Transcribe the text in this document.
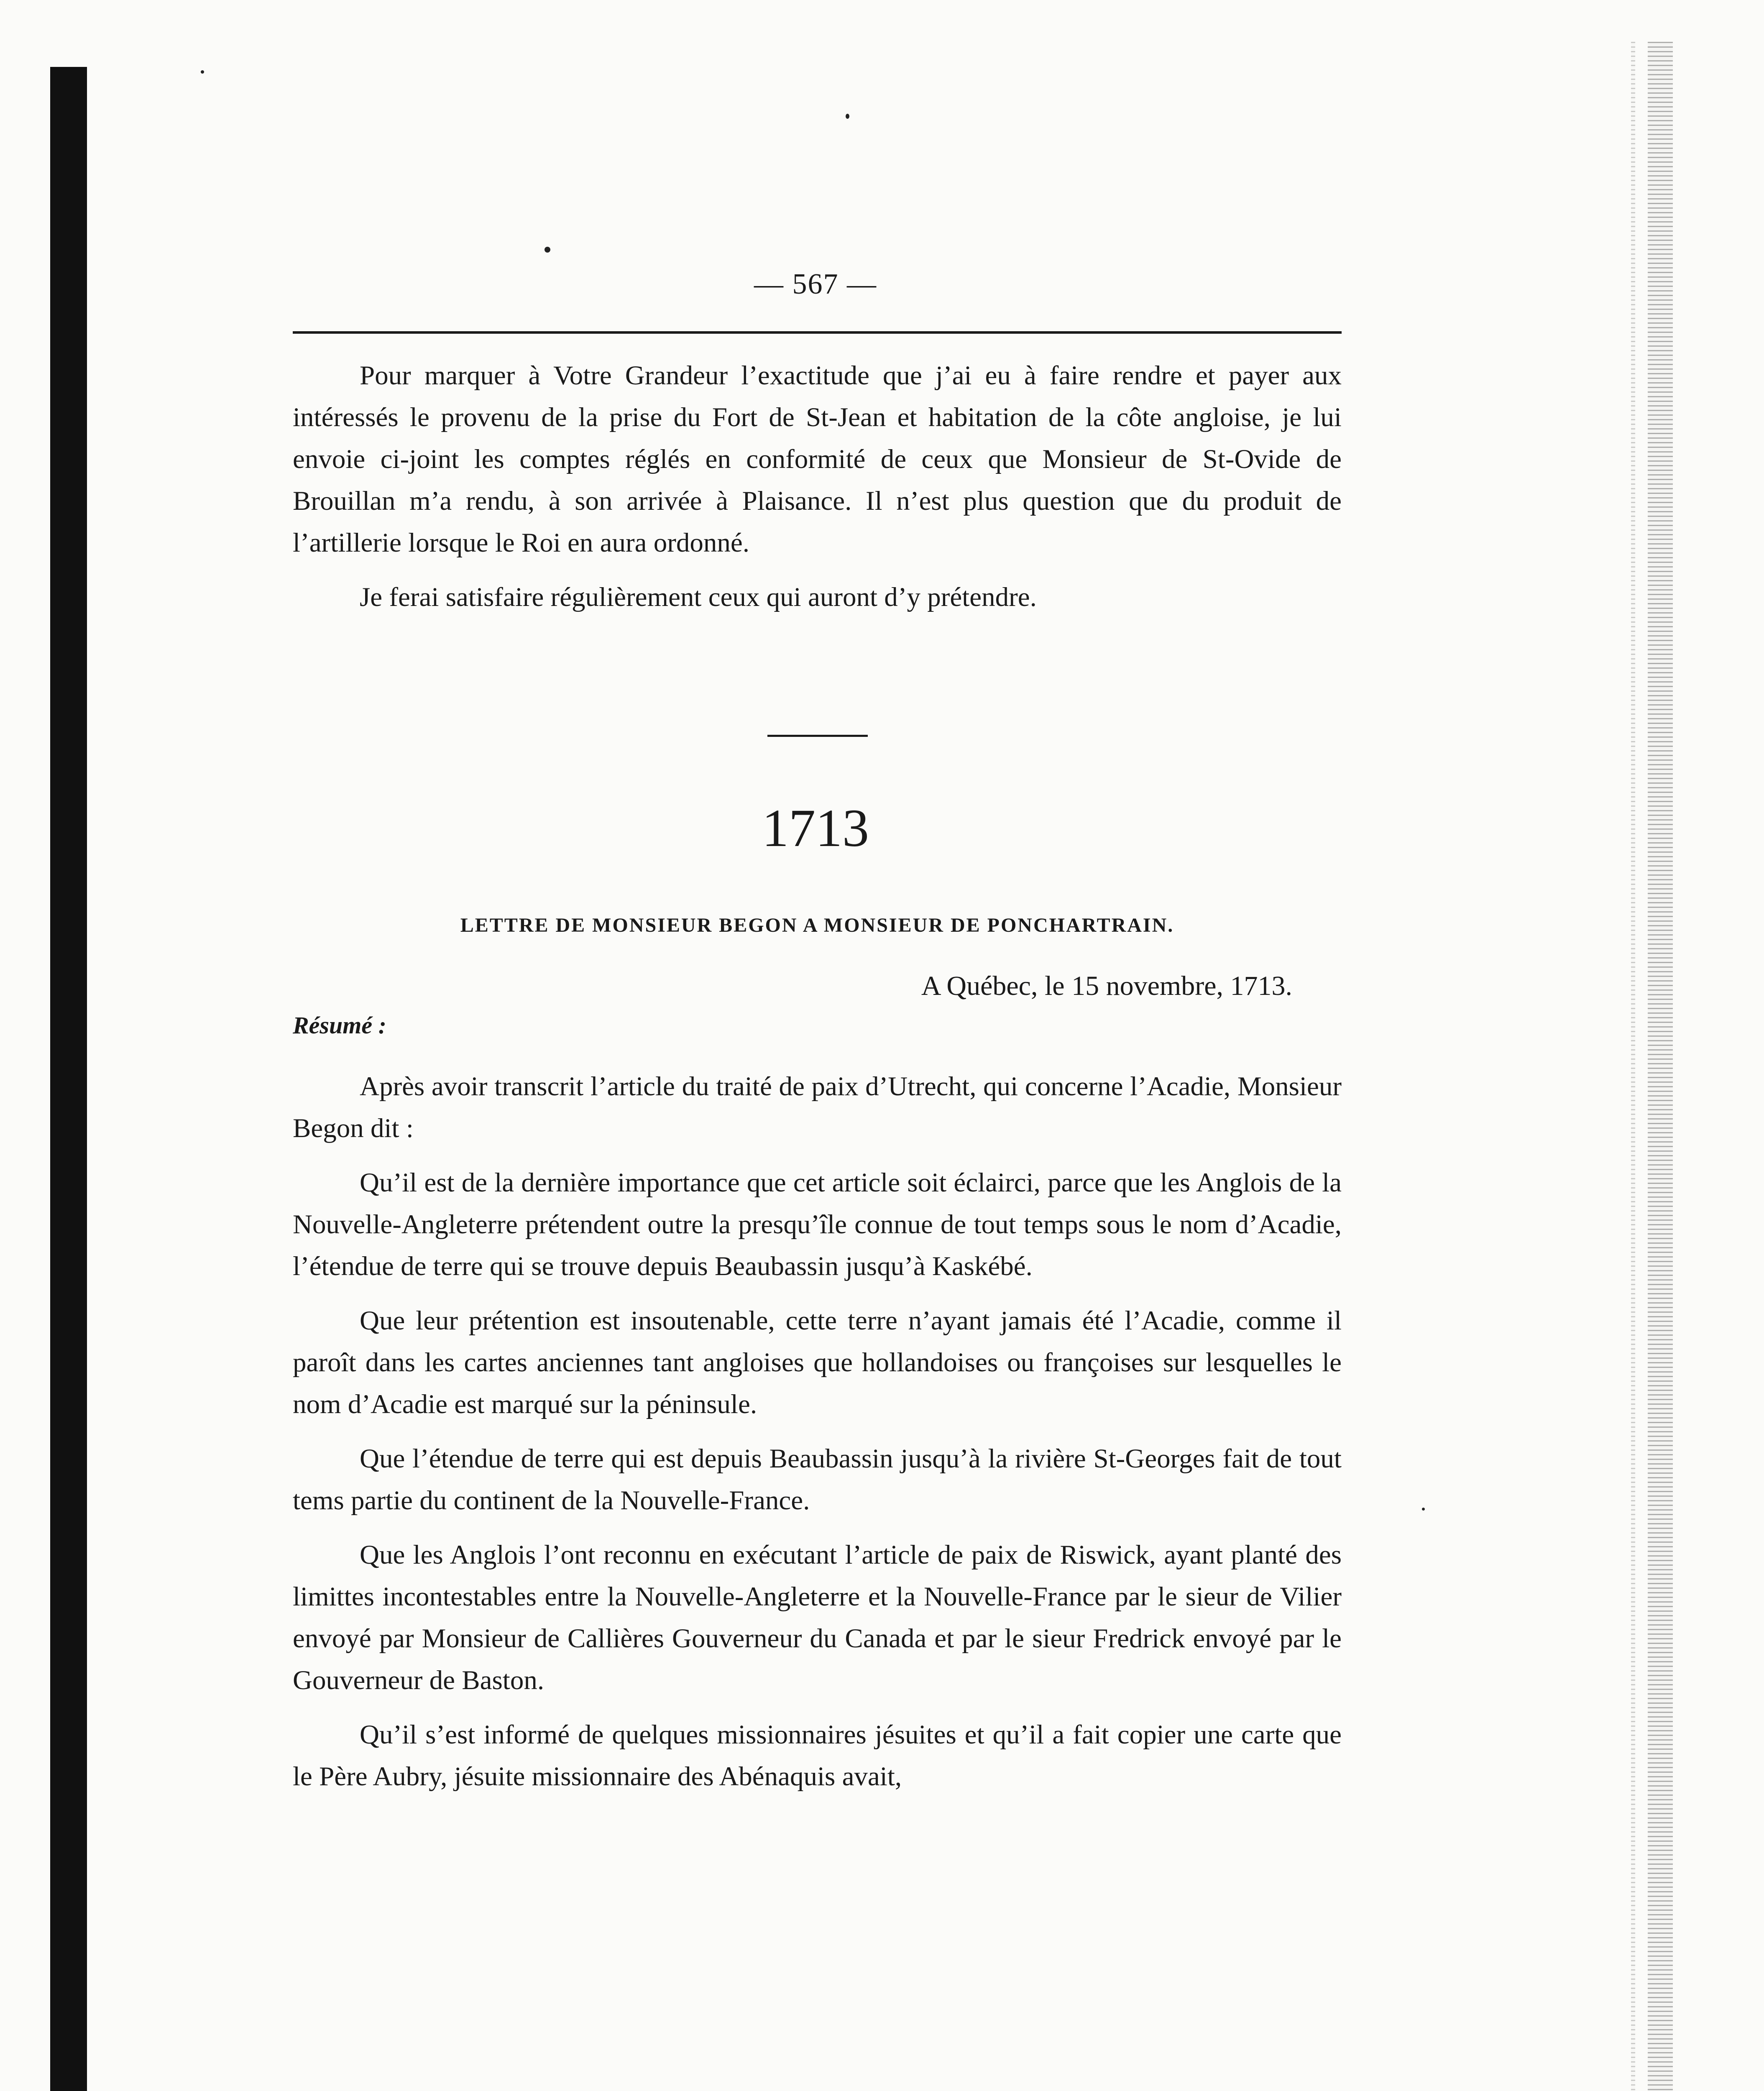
— 567 —

Pour marquer à Votre Grandeur l’exactitude que j’ai eu à faire rendre et payer aux intéressés le provenu de la prise du Fort de St-Jean et habitation de la côte angloise, je lui envoie ci-joint les comptes réglés en conformité de ceux que Monsieur de St-Ovide de Brouillan m’a rendu, à son arrivée à Plaisance. Il n’est plus question que du produit de l’artillerie lorsque le Roi en aura ordonné.

Je ferai satisfaire régulièrement ceux qui auront d’y prétendre.

1713
LETTRE DE MONSIEUR BEGON A MONSIEUR DE PONCHARTRAIN.
A Québec, le 15 novembre, 1713.
Résumé :

Après avoir transcrit l’article du traité de paix d’Utrecht, qui concerne l’Acadie, Monsieur Begon dit :

Qu’il est de la dernière importance que cet article soit éclairci, parce que les Anglois de la Nouvelle-Angleterre prétendent outre la presqu’île connue de tout temps sous le nom d’Acadie, l’étendue de terre qui se trouve depuis Beaubassin jusqu’à Kaskébé.

Que leur prétention est insoutenable, cette terre n’ayant jamais été l’Acadie, comme il paroît dans les cartes anciennes tant angloises que hollandoises ou françoises sur lesquelles le nom d’Acadie est marqué sur la péninsule.

Que l’étendue de terre qui est depuis Beaubassin jusqu’à la rivière St-Georges fait de tout tems partie du continent de la Nouvelle-France.

Que les Anglois l’ont reconnu en exécutant l’article de paix de Riswick, ayant planté des limittes incontestables entre la Nouvelle-Angleterre et la Nouvelle-France par le sieur de Vilier envoyé par Monsieur de Callières Gouverneur du Canada et par le sieur Fredrick envoyé par le Gouverneur de Baston.

Qu’il s’est informé de quelques missionnaires jésuites et qu’il a fait copier une carte que le Père Aubry, jésuite missionnaire des Abénaquis avait,
